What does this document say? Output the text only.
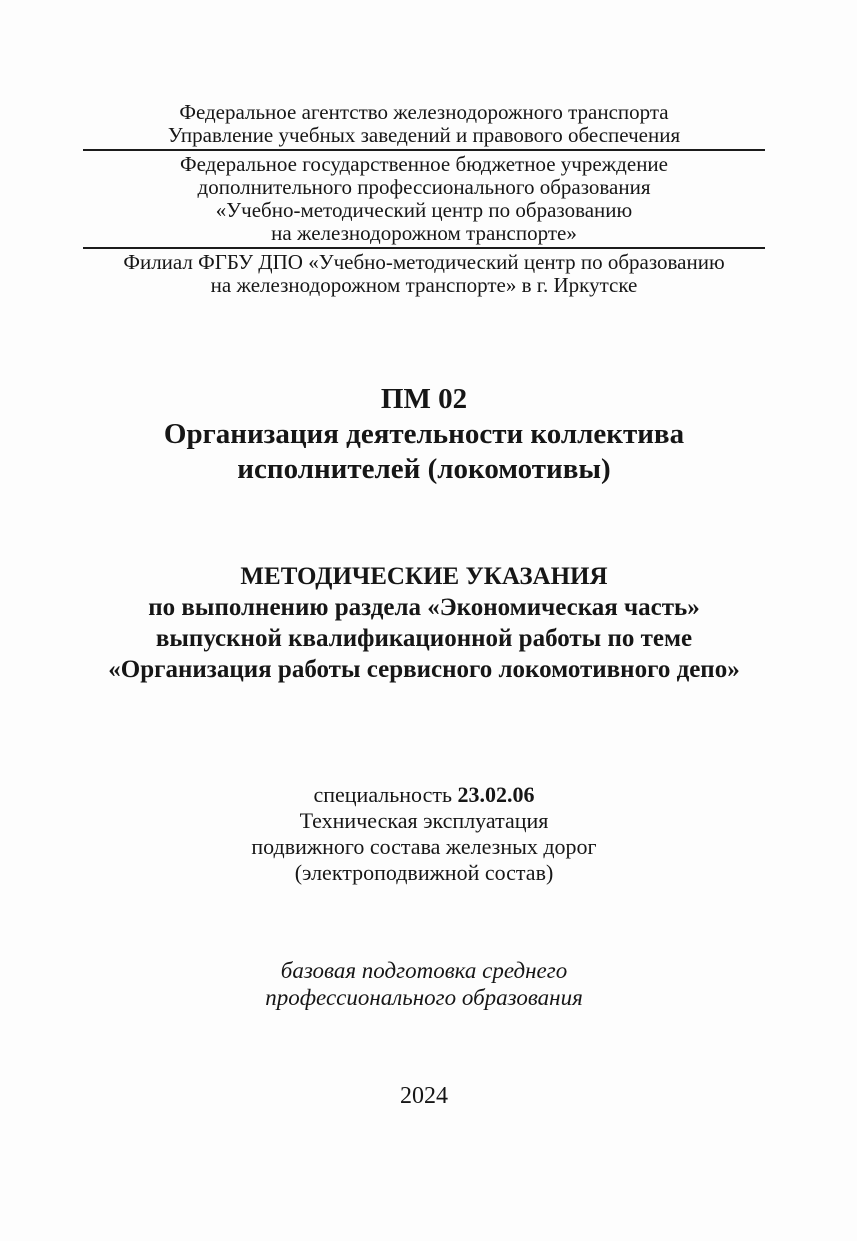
Федеральное агентство железнодорожного транспорта
Управление учебных заведений и правового обеспечения
Федеральное государственное бюджетное учреждение
дополнительного профессионального образования
«Учебно-методический центр по образованию
на железнодорожном транспорте»
Филиал ФГБУ ДПО «Учебно-методический центр по образованию
на железнодорожном транспорте» в г. Иркутске
ПМ 02
Организация деятельности коллектива
исполнителей (локомотивы)
МЕТОДИЧЕСКИЕ УКАЗАНИЯ
по выполнению раздела «Экономическая часть»
выпускной квалификационной работы по теме
«Организация работы сервисного локомотивного депо»
специальность 23.02.06
Техническая эксплуатация
подвижного состава железных дорог
(электроподвижной состав)
базовая подготовка среднего
профессионального образования
2024
